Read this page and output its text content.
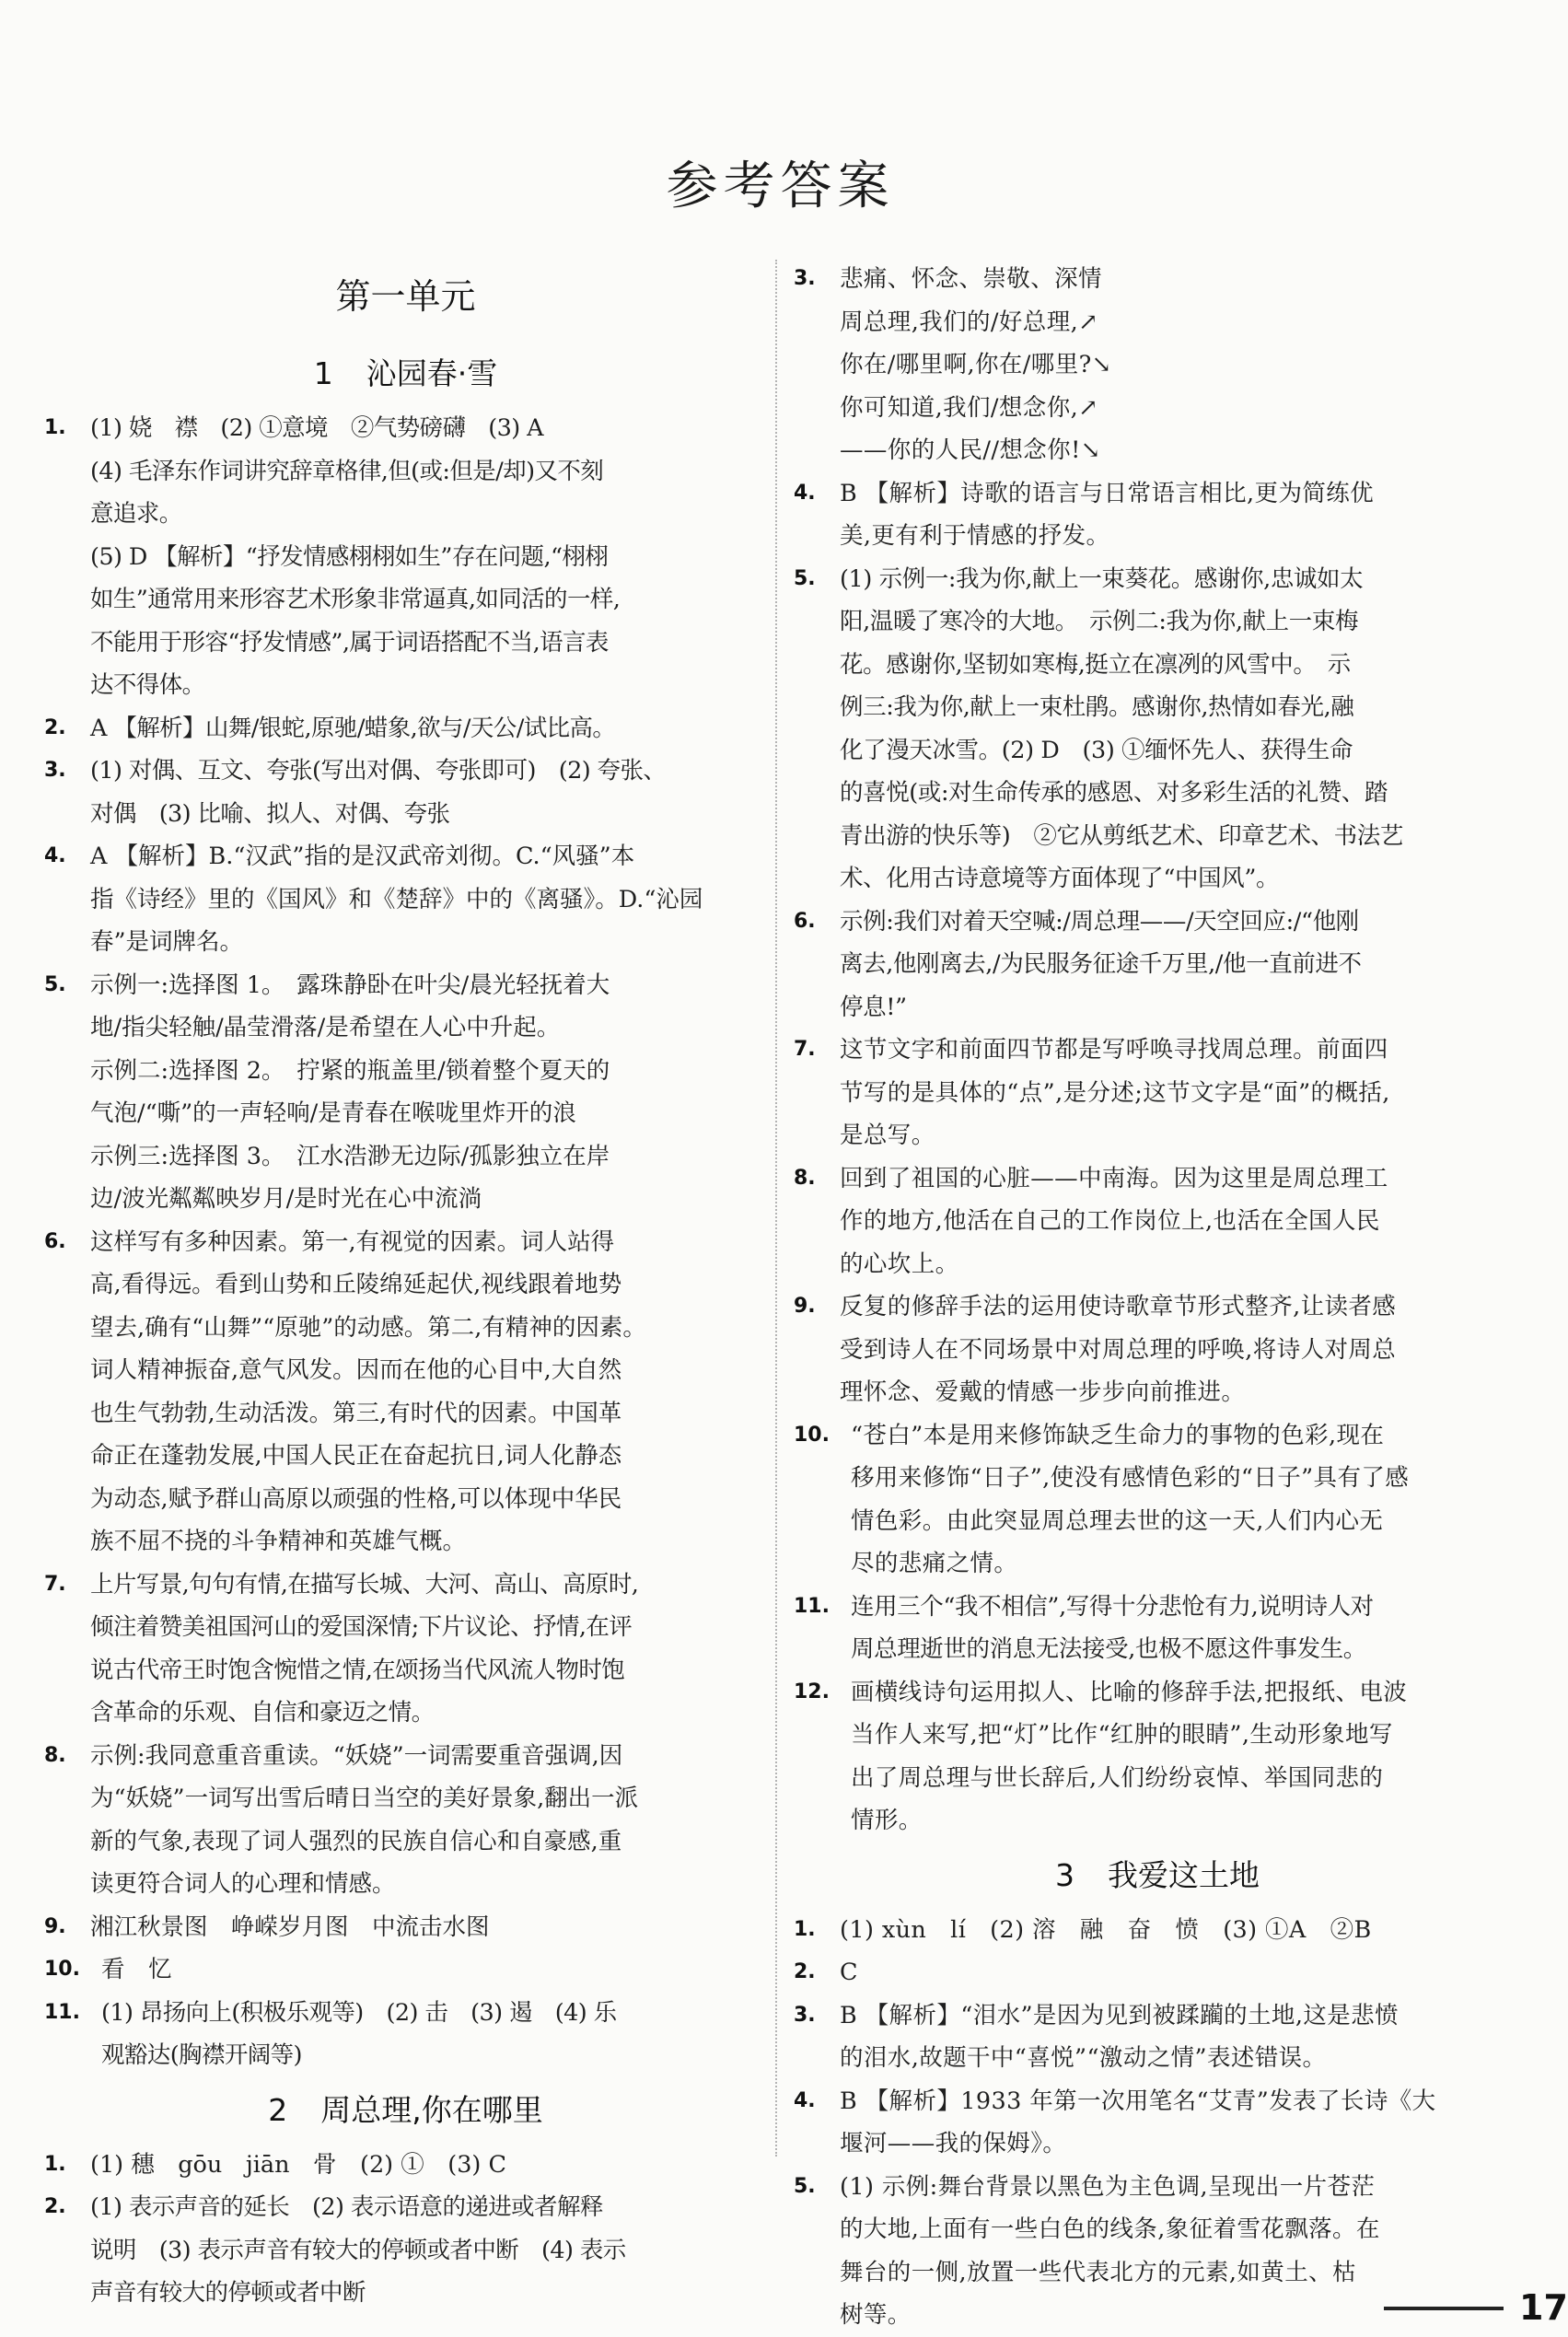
参考答案
第一单元
1 沁园春·雪
1.	(1) 娆　襟　(2) ①意境　②气势磅礴　(3) A
(4) 毛泽东作词讲究辞章格律,但(或:但是/却)又不刻
意追求。
(5) D 【解析】“抒发情感栩栩如生”存在问题,“栩栩
如生”通常用来形容艺术形象非常逼真,如同活的一样,
不能用于形容“抒发情感”,属于词语搭配不当,语言表
达不得体。
2.	A 【解析】山舞/银蛇,原驰/蜡象,欲与/天公/试比高。
3.	(1) 对偶、互文、夸张(写出对偶、夸张即可)　(2) 夸张、
对偶　(3) 比喻、拟人、对偶、夸张
4.	A 【解析】B.“汉武”指的是汉武帝刘彻。C.“风骚”本
指《诗经》里的《国风》和《楚辞》中的《离骚》。D.“沁园
春”是词牌名。
5.	示例一:选择图 1。　露珠静卧在叶尖/晨光轻抚着大
地/指尖轻触/晶莹滑落/是希望在人心中升起。
示例二:选择图 2。　拧紧的瓶盖里/锁着整个夏天的
气泡/“嘶”的一声轻响/是青春在喉咙里炸开的浪
示例三:选择图 3。　江水浩渺无边际/孤影独立在岸
边/波光粼粼映岁月/是时光在心中流淌
6.	这样写有多种因素。第一,有视觉的因素。词人站得
高,看得远。看到山势和丘陵绵延起伏,视线跟着地势
望去,确有“山舞”“原驰”的动感。第二,有精神的因素。
词人精神振奋,意气风发。因而在他的心目中,大自然
也生气勃勃,生动活泼。第三,有时代的因素。中国革
命正在蓬勃发展,中国人民正在奋起抗日,词人化静态
为动态,赋予群山高原以顽强的性格,可以体现中华民
族不屈不挠的斗争精神和英雄气概。
7.	上片写景,句句有情,在描写长城、大河、高山、高原时,
倾注着赞美祖国河山的爱国深情;下片议论、抒情,在评
说古代帝王时饱含惋惜之情,在颂扬当代风流人物时饱
含革命的乐观、自信和豪迈之情。
8.	示例:我同意重音重读。“妖娆”一词需要重音强调,因
为“妖娆”一词写出雪后晴日当空的美好景象,翻出一派
新的气象,表现了词人强烈的民族自信心和自豪感,重
读更符合词人的心理和情感。
9.	湘江秋景图　峥嵘岁月图　中流击水图
10. 看　忆
11. (1) 昂扬向上(积极乐观等)　(2) 击　(3) 遏　(4) 乐
观豁达(胸襟开阔等)
2 周总理,你在哪里
1.	(1) 穗　gōu　jiān　骨　(2) ①　(3) C
2.	(1) 表示声音的延长　(2) 表示语意的递进或者解释
说明　(3) 表示声音有较大的停顿或者中断　(4) 表示
声音有较大的停顿或者中断
3.	悲痛、怀念、崇敬、深情
周总理,我们的/好总理,↗
你在/哪里啊,你在/哪里?↘
你可知道,我们/想念你,↗
——你的人民//想念你!↘
4.	B 【解析】诗歌的语言与日常语言相比,更为简练优
美,更有利于情感的抒发。
5.	(1) 示例一:我为你,献上一束葵花。感谢你,忠诚如太
阳,温暖了寒冷的大地。　示例二:我为你,献上一束梅
花。感谢你,坚韧如寒梅,挺立在凛冽的风雪中。　示
例三:我为你,献上一束杜鹃。感谢你,热情如春光,融
化了漫天冰雪。(2) D　(3) ①缅怀先人、获得生命
的喜悦(或:对生命传承的感恩、对多彩生活的礼赞、踏
青出游的快乐等)　②它从剪纸艺术、印章艺术、书法艺
术、化用古诗意境等方面体现了“中国风”。
6.	示例:我们对着天空喊:/周总理——/天空回应:/“他刚
离去,他刚离去,/为民服务征途千万里,/他一直前进不
停息!”
7.	这节文字和前面四节都是写呼唤寻找周总理。前面四
节写的是具体的“点”,是分述;这节文字是“面”的概括,
是总写。
8.	回到了祖国的心脏——中南海。因为这里是周总理工
作的地方,他活在自己的工作岗位上,也活在全国人民
的心坎上。
9.	反复的修辞手法的运用使诗歌章节形式整齐,让读者感
受到诗人在不同场景中对周总理的呼唤,将诗人对周总
理怀念、爱戴的情感一步步向前推进。
10. “苍白”本是用来修饰缺乏生命力的事物的色彩,现在
移用来修饰“日子”,使没有感情色彩的“日子”具有了感
情色彩。由此突显周总理去世的这一天,人们内心无
尽的悲痛之情。
11. 连用三个“我不相信”,写得十分悲怆有力,说明诗人对
周总理逝世的消息无法接受,也极不愿这件事发生。
12. 画横线诗句运用拟人、比喻的修辞手法,把报纸、电波
当作人来写,把“灯”比作“红肿的眼睛”,生动形象地写
出了周总理与世长辞后,人们纷纷哀悼、举国同悲的
情形。
3 我爱这土地
1.	(1) xùn　lí　(2) 溶　融　奋　愤　(3) ①A　②B
2.	C
3.	B 【解析】“泪水”是因为见到被蹂躏的土地,这是悲愤
的泪水,故题干中“喜悦”“激动之情”表述错误。
4.	B 【解析】1933 年第一次用笔名“艾青”发表了长诗《大
堰河——我的保姆》。
5.	(1) 示例:舞台背景以黑色为主色调,呈现出一片苍茫
的大地,上面有一些白色的线条,象征着雪花飘落。在
舞台的一侧,放置一些代表北方的元素,如黄土、枯
树等。	17
